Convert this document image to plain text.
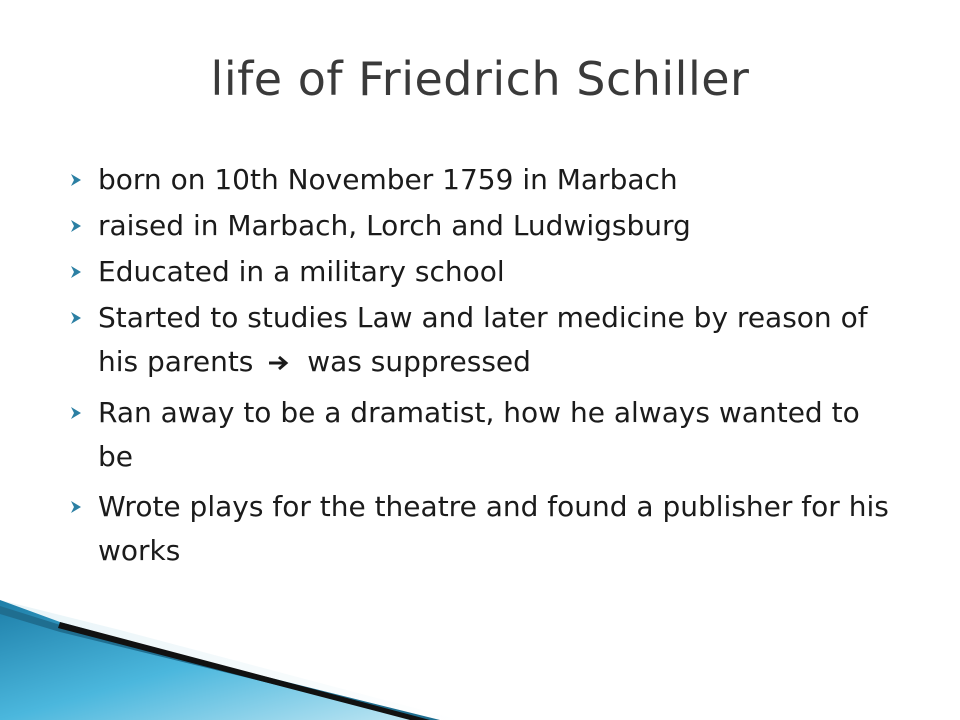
life of Friedrich Schiller
born on 10th November 1759 in Marbach
raised in Marbach, Lorch and Ludwigsburg
Educated in a military school
Started to studies Law and later medicine by reason of his parents was suppressed
Ran away to be a dramatist, how he always wanted to be
Wrote plays for the theatre and found a publisher for his works
